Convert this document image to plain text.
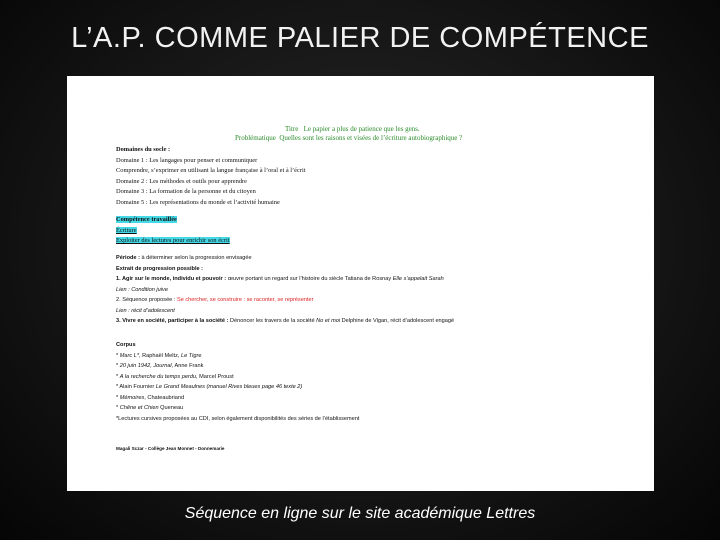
L’A.P. COMME PALIER DE COMPÉTENCE
Titre Le papier a plus de patience que les gens.
Problématique Quelles sont les raisons et visées de l’écriture autobiographique ?
Domaines du socle :
Domaine 1 : Les langages pour penser et communiquer
Comprendre, s’exprimer en utilisant la langue française à l’oral et à l’écrit
Domaine 2 : Les méthodes et outils pour apprendre
Domaine 3 : La formation de la personne et du citoyen
Domaine 5 : Les représentations du monde et l’activité humaine
Compétence travaillée
Écriture
Exploiter des lectures pour enrichir son écrit
Période : à déterminer selon la progression envisagée
Extrait de progression possible :
1. Agir sur le monde, individu et pouvoir : œuvre portant un regard sur l’histoire du siècle Tatiana de Rosnay Elle s’appelait Sarah
Lien : Condition juive
2. Séquence proposée : Se chercher, se construire : se raconter, se représenter
Lien : récit d’adolescent
3. Vivre en société, participer à la société : Dénoncer les travers de la société No et moi Delphine de Vigan, récit d’adolescent engagé
Corpus
* Marc L*, Raphaël Meltz, Le Tigre
* 20 juin 1942, Journal, Anne Frank
* A la recherche du temps perdu, Marcel Proust
* Alain Fournier Le Grand Meaulnes (manuel Rives bleues page 46 texte 2)
* Mémoires, Chateaubriand
* Chêne et Chien Queneau
*Lectures cursives proposées au CDI, selon également disponibilités des séries de l’établissement
Magali Sczar - Collège Jean Monnet - Donnemarie
Séquence en ligne sur le site académique Lettres
